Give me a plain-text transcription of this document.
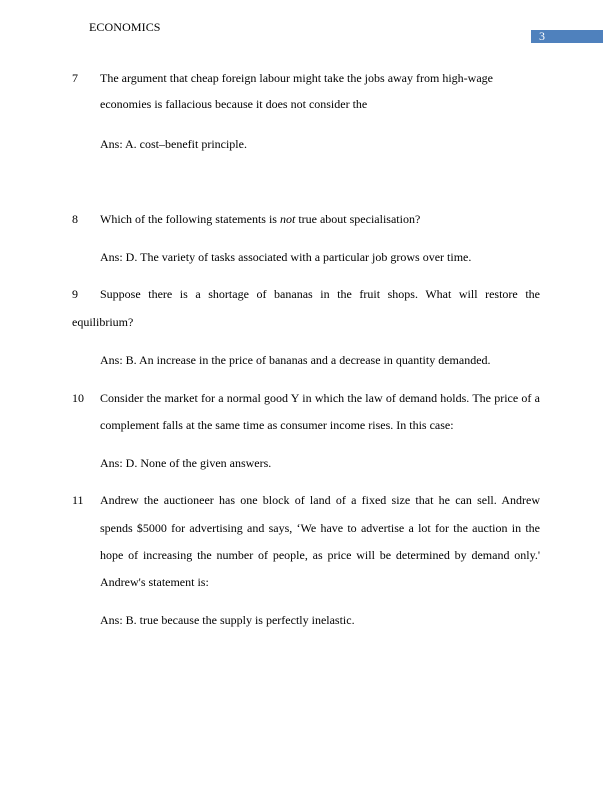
ECONOMICS
3
7 The argument that cheap foreign labour might take the jobs away from high-wage
economies is fallacious because it does not consider the
Ans: A. cost–benefit principle.
8 Which of the following statements is not true about specialisation?
Ans: D. The variety of tasks associated with a particular job grows over time.
9 Suppose there is a shortage of bananas in the fruit shops. What will restore the
equilibrium?
Ans: B. An increase in the price of bananas and a decrease in quantity demanded.
10 Consider the market for a normal good Y in which the law of demand holds. The price of a
complement falls at the same time as consumer income rises. In this case:
Ans: D. None of the given answers.
11 Andrew the auctioneer has one block of land of a fixed size that he can sell. Andrew
spends $5000 for advertising and says, ‘We have to advertise a lot for the auction in the
hope of increasing the number of people, as price will be determined by demand only.'
Andrew's statement is:
Ans: B. true because the supply is perfectly inelastic.
